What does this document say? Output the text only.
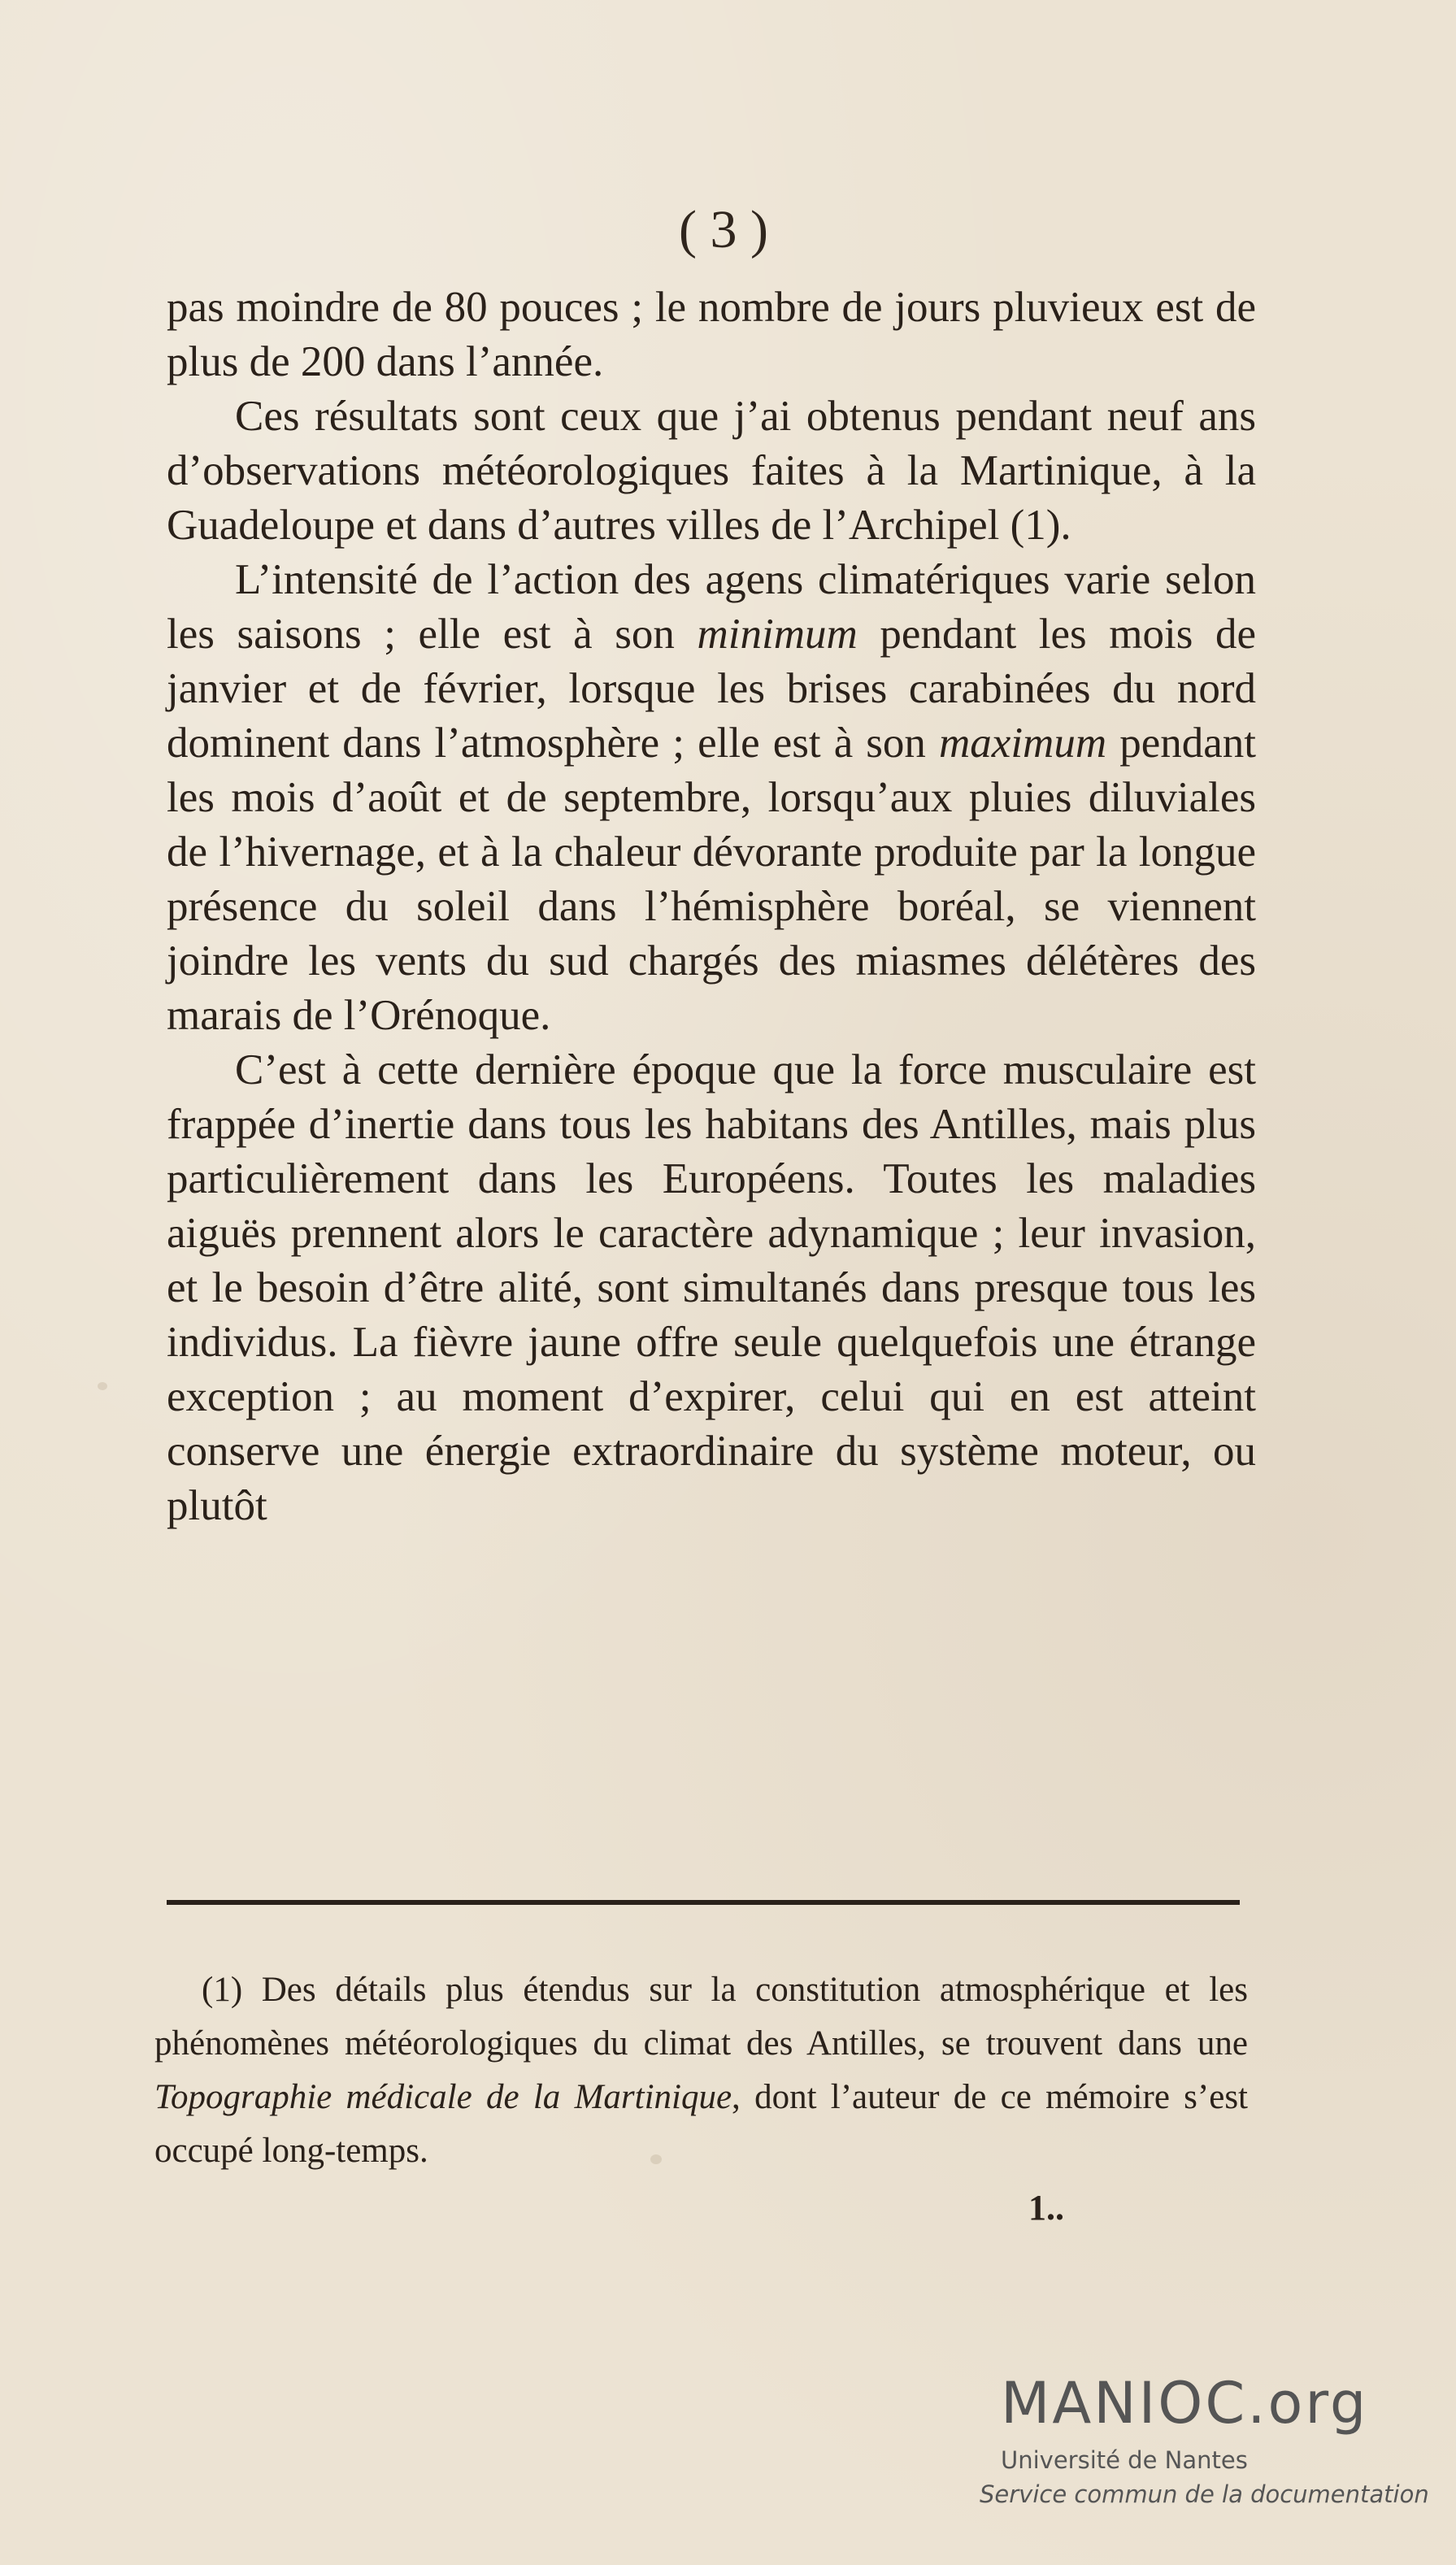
( 3 )

pas moindre de 80 pouces ; le nombre de jours pluvieux est de plus de 200 dans l’année.

Ces résultats sont ceux que j’ai obtenus pendant neuf ans d’observations météorologiques faites à la Martinique, à la Guadeloupe et dans d’autres villes de l’Archipel (1).

L’intensité de l’action des agens climatériques varie selon les saisons ; elle est à son minimum pendant les mois de janvier et de février, lorsque les brises carabinées du nord dominent dans l’atmosphère ; elle est à son maximum pendant les mois d’août et de septembre, lorsqu’aux pluies diluviales de l’hivernage, et à la chaleur dévorante produite par la longue présence du soleil dans l’hémisphère boréal, se viennent joindre les vents du sud chargés des miasmes délétères des marais de l’Orénoque.

C’est à cette dernière époque que la force musculaire est frappée d’inertie dans tous les habitans des Antilles, mais plus particulièrement dans les Européens. Toutes les maladies aiguës prennent alors le caractère adynamique ; leur invasion, et le besoin d’être alité, sont simultanés dans presque tous les individus. La fièvre jaune offre seule quelquefois une étrange exception ; au moment d’expirer, celui qui en est atteint conserve une énergie extraordinaire du système moteur, ou plutôt

(1) Des détails plus étendus sur la constitution atmosphérique et les phénomènes météorologiques du climat des Antilles, se trouvent dans une Topographie médicale de la Martinique, dont l’auteur de ce mémoire s’est occupé long-temps.

1..
MANIOC.org
Université de Nantes
Service commun de la documentation
